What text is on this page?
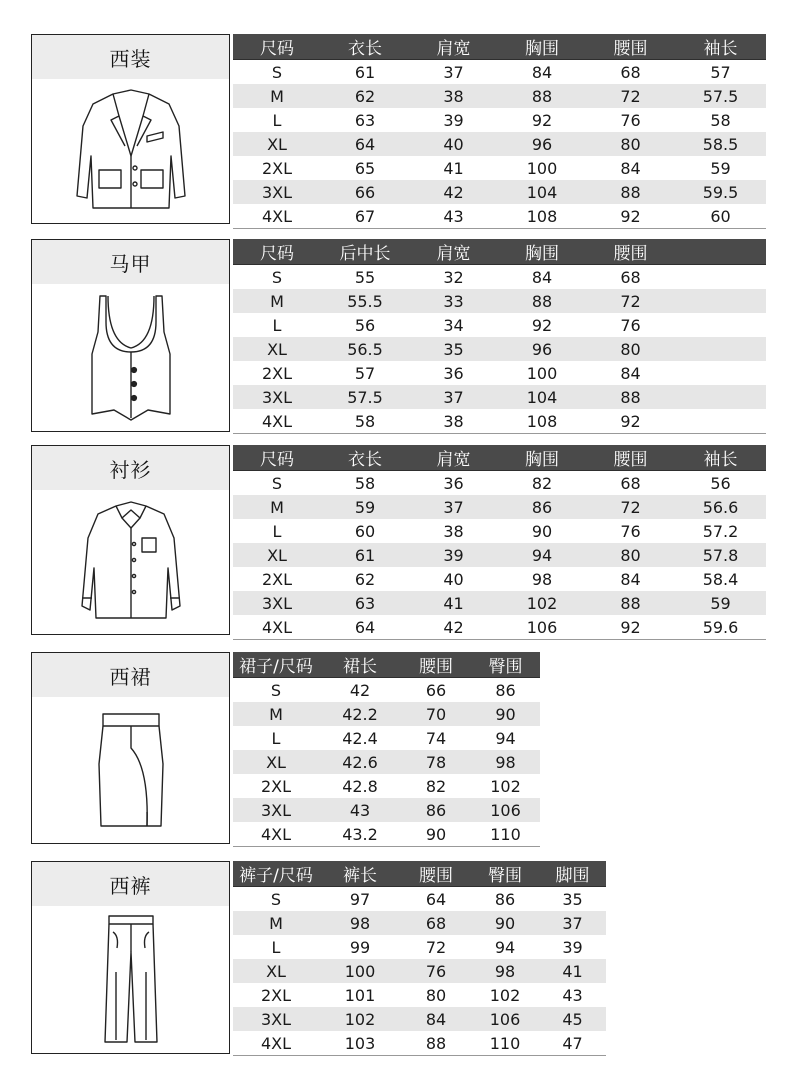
西装	尺码	衣长	肩宽	胸围	腰围	袖长
S	61	37	84	68	57
M	62	38	88	72	57.5
L	63	39	92	76	58
XL	64	40	96	80	58.5
2XL	65	41	100	84	59
3XL	66	42	104	88	59.5
4XL	67	43	108	92	60
马甲	尺码	后中长	肩宽	胸围	腰围	
S	55	32	84	68	
M	55.5	33	88	72	
L	56	34	92	76	
XL	56.5	35	96	80	
2XL	57	36	100	84	
3XL	57.5	37	104	88	
4XL	58	38	108	92	
衬衫	尺码	衣长	肩宽	胸围	腰围	袖长
S	58	36	82	68	56
M	59	37	86	72	56.6
L	60	38	90	76	57.2
XL	61	39	94	80	57.8
2XL	62	40	98	84	58.4
3XL	63	41	102	88	59
4XL	64	42	106	92	59.6
西裙	裙子/尺码	裙长	腰围	臀围
S	42	66	86
M	42.2	70	90
L	42.4	74	94
XL	42.6	78	98
2XL	42.8	82	102
3XL	43	86	106
4XL	43.2	90	110
西裤	裤子/尺码	裤长	腰围	臀围	脚围
S	97	64	86	35
M	98	68	90	37
L	99	72	94	39
XL	100	76	98	41
2XL	101	80	102	43
3XL	102	84	106	45
4XL	103	88	110	47
